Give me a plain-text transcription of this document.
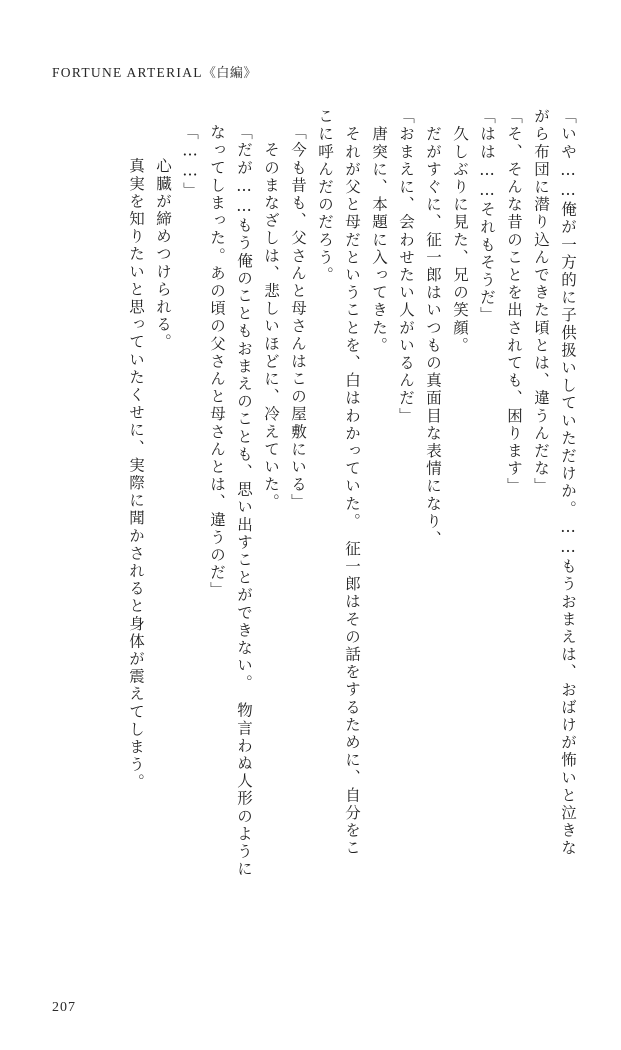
FORTUNE ARTERIAL《白編》
「いや……俺が一方的に子供扱いしていただけか。……もうおまえは、おばけが怖いと泣きな
がら布団に潜り込んできた頃とは、違うんだな」
「そ、そんな昔のことを出されても、困ります」
「はは……それもそうだ」
　久しぶりに見た、兄の笑顔。
　だがすぐに、征一郎はいつもの真面目な表情になり、
「おまえに、会わせたい人がいるんだ」
　唐突に、本題に入ってきた。
　それが父と母だということを、白はわかっていた。　征一郎はその話をするために、自分をこ
こに呼んだのだろう。
「今も昔も、父さんと母さんはこの屋敷にいる」
　そのまなざしは、悲しいほどに、冷えていた。
「だが……もう俺のこともおまえのことも、思い出すことができない。　物言わぬ人形のように
なってしまった。あの頃の父さんと母さんとは、違うのだ」
「……」
　心臓が締めつけられる。
　真実を知りたいと思っていたくせに、実際に聞かされると身体が震えてしまう。
207
